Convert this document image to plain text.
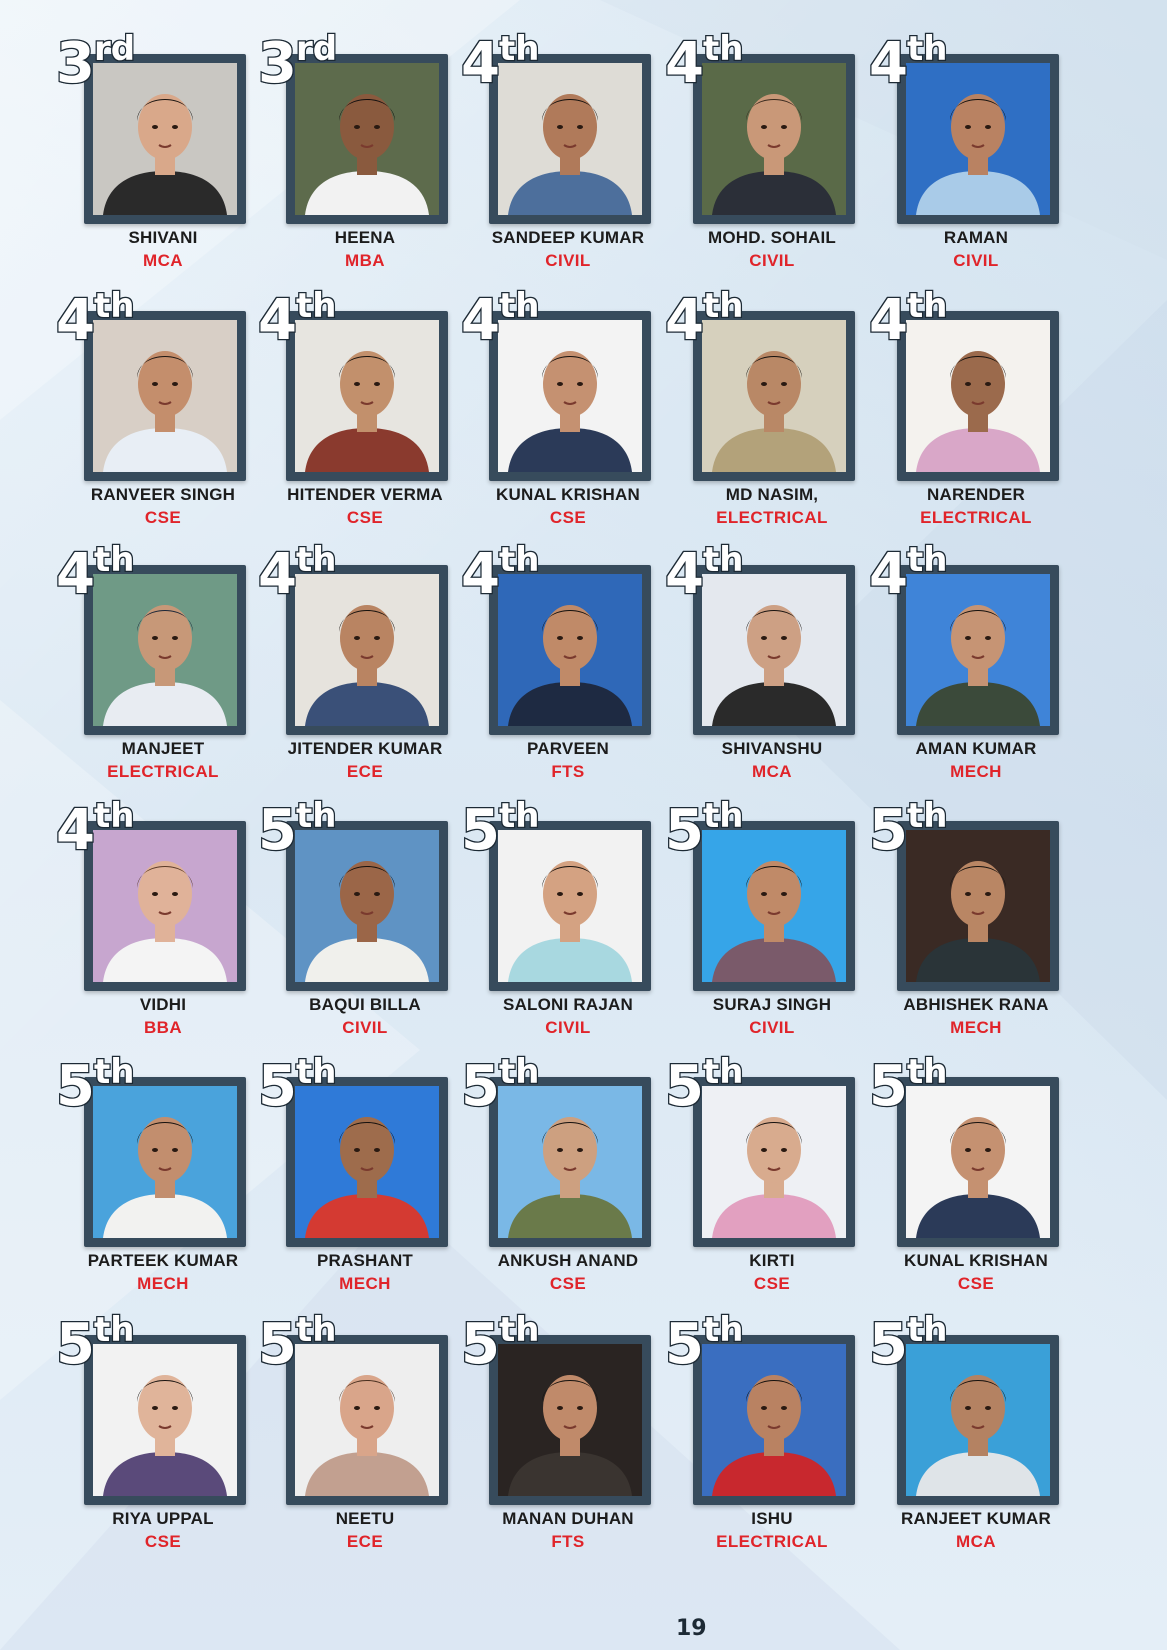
3rd
SHIVANI
MCA
3rd
HEENA
MBA
4th
SANDEEP KUMAR
CIVIL
4th
MOHD. SOHAIL
CIVIL
4th
RAMAN
CIVIL
4th
RANVEER SINGH
CSE
4th
HITENDER VERMA
CSE
4th
KUNAL KRISHAN
CSE
4th
MD NASIM,
ELECTRICAL
4th
NARENDER
ELECTRICAL
4th
MANJEET
ELECTRICAL
4th
JITENDER KUMAR
ECE
4th
PARVEEN
FTS
4th
SHIVANSHU
MCA
4th
AMAN KUMAR
MECH
4th
VIDHI
BBA
5th
BAQUI BILLA
CIVIL
5th
SALONI RAJAN
CIVIL
5th
SURAJ SINGH
CIVIL
5th
ABHISHEK RANA
MECH
5th
PARTEEK KUMAR
MECH
5th
PRASHANT
MECH
5th
ANKUSH ANAND
CSE
5th
KIRTI
CSE
5th
KUNAL KRISHAN
CSE
5th
RIYA UPPAL
CSE
5th
NEETU
ECE
5th
MANAN DUHAN
FTS
5th
ISHU
ELECTRICAL
5th
RANJEET KUMAR
MCA
19
